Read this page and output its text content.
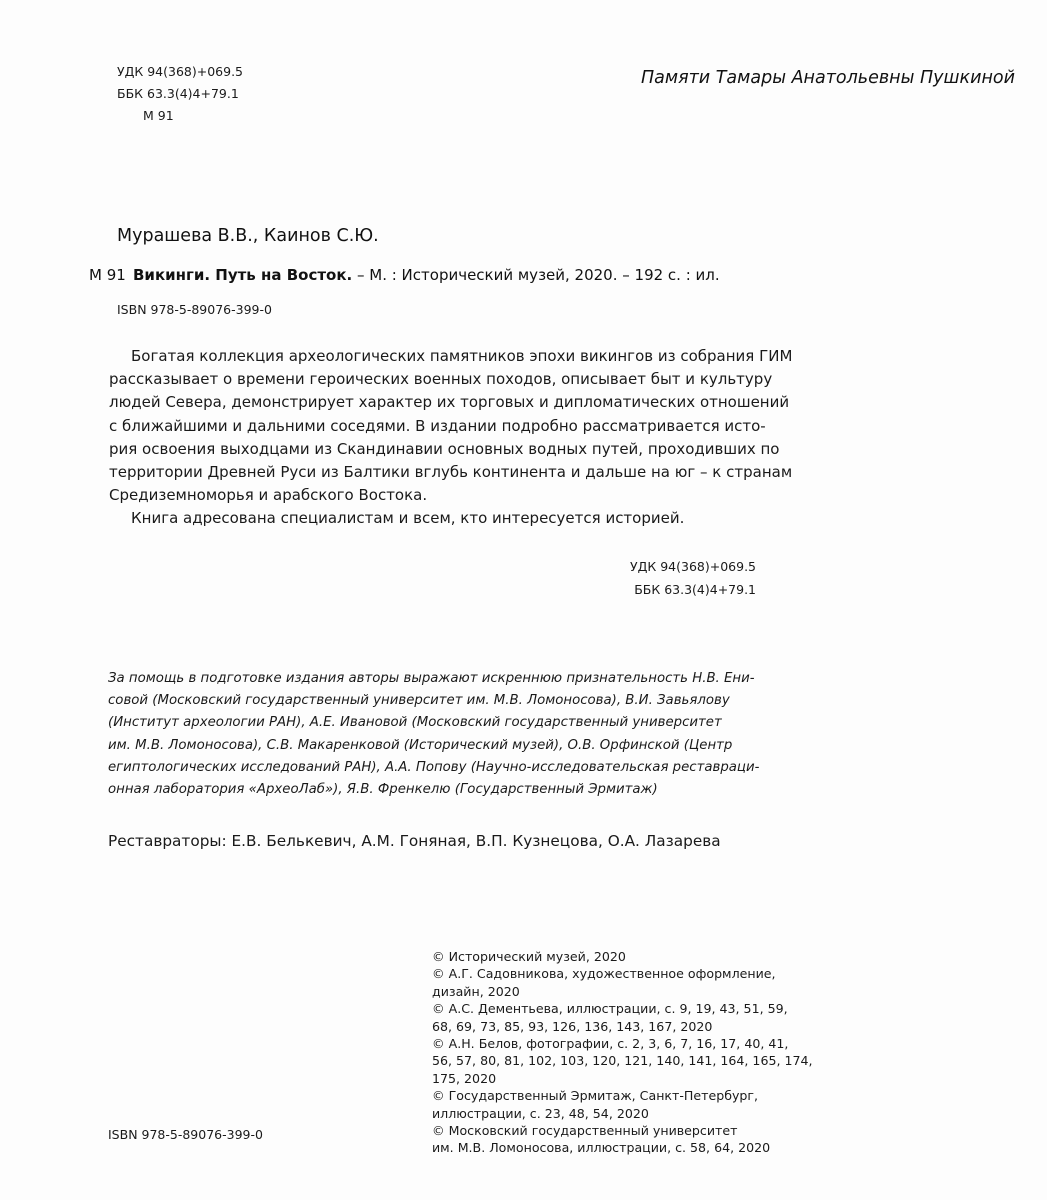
УДК 94(368)+069.5
ББК 63.3(4)4+79.1
М 91
Памяти Тамары Анатольевны Пушкиной
Мурашева В.В., Каинов С.Ю.
М 91 Викинги. Путь на Восток. – М. : Исторический музей, 2020. – 192 с. : ил.
ISBN 978-5-89076-399-0
Богатая коллекция археологических памятников эпохи викингов из собрания ГИМ
рассказывает о времени героических военных походов, описывает быт и культуру
людей Севера, демонстрирует характер их торговых и дипломатических отношений
с ближайшими и дальними соседями. В издании подробно рассматривается исто-
рия освоения выходцами из Скандинавии основных водных путей, проходивших по
территории Древней Руси из Балтики вглубь континента и дальше на юг – к странам
Средиземноморья и арабского Востока.
Книга адресована специалистам и всем, кто интересуется историей.
УДК 94(368)+069.5
ББК 63.3(4)4+79.1
За помощь в подготовке издания авторы выражают искреннюю признательность Н.В. Ени-
совой (Московский государственный университет им. М.В. Ломоносова), В.И. Завьялову
(Институт археологии РАН), А.Е. Ивановой (Московский государственный университет
им. М.В. Ломоносова), С.В. Макаренковой (Исторический музей), О.В. Орфинской (Центр
египтологических исследований РАН), А.А. Попову (Научно-исследовательская реставраци-
онная лаборатория «АрхеоЛаб»), Я.В. Френкелю (Государственный Эрмитаж)
Реставраторы: Е.В. Белькевич, А.М. Гоняная, В.П. Кузнецова, О.А. Лазарева
© Исторический музей, 2020
© А.Г. Садовникова, художественное оформление,
дизайн, 2020
© А.С. Дементьева, иллюстрации, с. 9, 19, 43, 51, 59,
68, 69, 73, 85, 93, 126, 136, 143, 167, 2020
© А.Н. Белов, фотографии, с. 2, 3, 6, 7, 16, 17, 40, 41,
56, 57, 80, 81, 102, 103, 120, 121, 140, 141, 164, 165, 174,
175, 2020
© Государственный Эрмитаж, Санкт-Петербург,
иллюстрации, с. 23, 48, 54, 2020
© Московский государственный университет
им. М.В. Ломоносова, иллюстрации, с. 58, 64, 2020
ISBN 978-5-89076-399-0
